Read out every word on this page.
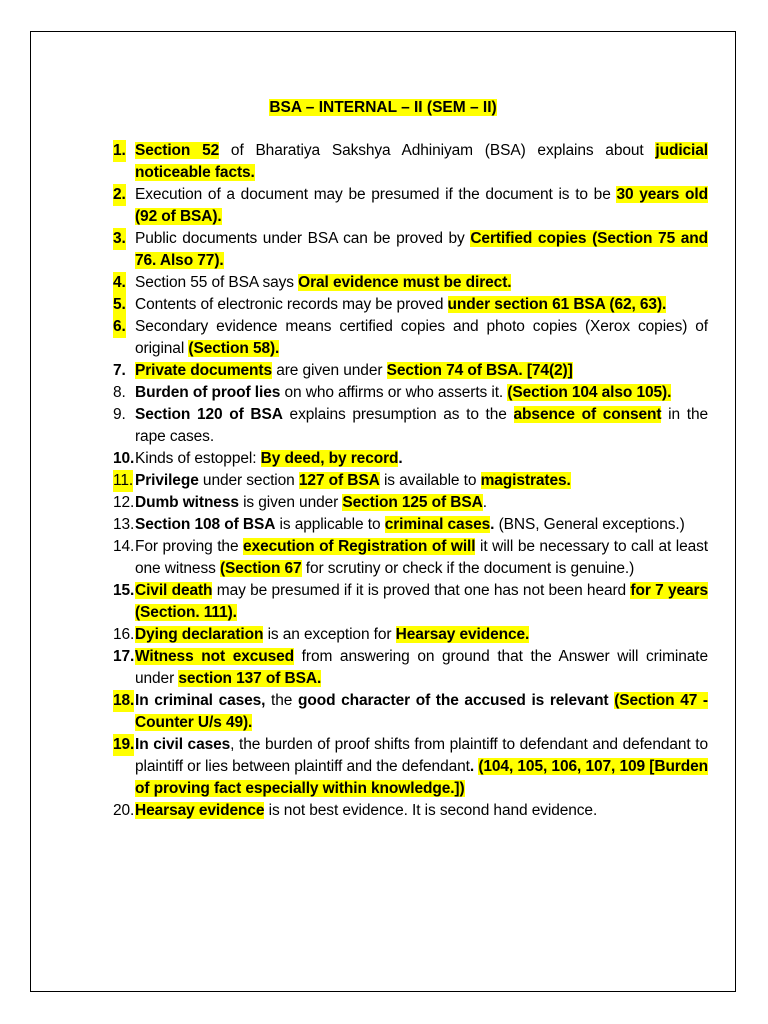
BSA – INTERNAL – II (SEM – II)
1. Section 52 of Bharatiya Sakshya Adhiniyam (BSA) explains about judicial noticeable facts.
2. Execution of a document may be presumed if the document is to be 30 years old (92 of BSA).
3. Public documents under BSA can be proved by Certified copies (Section 75 and 76. Also 77).
4. Section 55 of BSA says Oral evidence must be direct.
5. Contents of electronic records may be proved under section 61 BSA (62, 63).
6. Secondary evidence means certified copies and photo copies (Xerox copies) of original (Section 58).
7. Private documents are given under Section 74 of BSA. [74(2)]
8. Burden of proof lies on who affirms or who asserts it. (Section 104 also 105).
9. Section 120 of BSA explains presumption as to the absence of consent in the rape cases.
10. Kinds of estoppel: By deed, by record.
11. Privilege under section 127 of BSA is available to magistrates.
12. Dumb witness is given under Section 125 of BSA.
13. Section 108 of BSA is applicable to criminal cases. (BNS, General exceptions.)
14. For proving the execution of Registration of will it will be necessary to call at least one witness (Section 67 for scrutiny or check if the document is genuine.)
15. Civil death may be presumed if it is proved that one has not been heard for 7 years (Section. 111).
16. Dying declaration is an exception for Hearsay evidence.
17. Witness not excused from answering on ground that the Answer will criminate under section 137 of BSA.
18. In criminal cases, the good character of the accused is relevant (Section 47 - Counter U/s 49).
19. In civil cases, the burden of proof shifts from plaintiff to defendant and defendant to plaintiff or lies between plaintiff and the defendant. (104, 105, 106, 107, 109 [Burden of proving fact especially within knowledge.])
20. Hearsay evidence is not best evidence. It is second hand evidence.
